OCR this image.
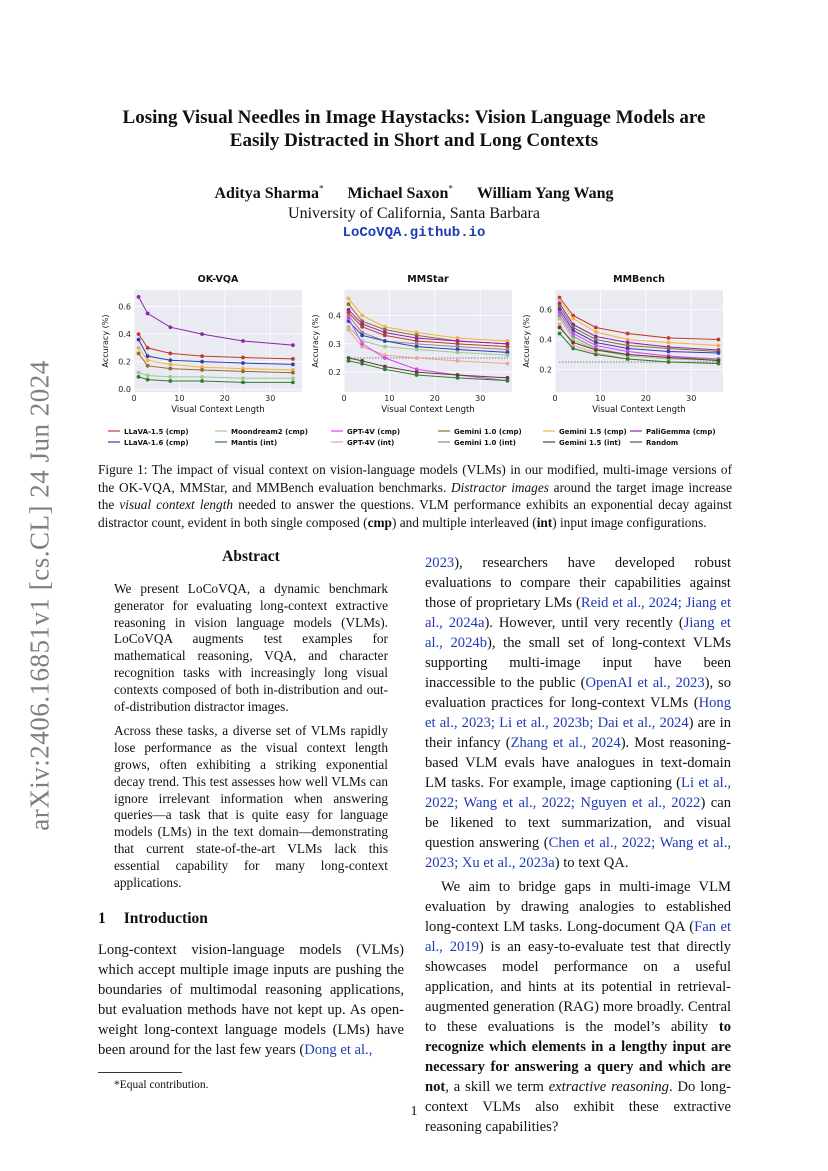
arXiv:2406.16851v1 [cs.CL] 24 Jun 2024
Losing Visual Needles in Image Haystacks: Vision Language Models are
Easily Distracted in Short and Long Contexts
Aditya Sharma* Michael Saxon* William Yang Wang
University of California, Santa Barbara
LoCoVQA.github.io
0	10	20	30
0.0
0.2
0.4
0.6
OK-VQA
Visual Context Length
Accuracy (%)
0	10	20	30
0.2
0.3
0.4
MMStar
Visual Context Length
Accuracy (%)
0	10	20	30
0.2
0.4
0.6
MMBench
Visual Context Length
Accuracy (%)
LLaVA-1.5 (cmp)
LLaVA-1.6 (cmp)
Moondream2 (cmp)
Mantis (int)
GPT-4V (cmp)
GPT-4V (int)
Gemini 1.0 (cmp)
Gemini 1.0 (int)
Gemini 1.5 (cmp)
Gemini 1.5 (int)
PaliGemma (cmp)
Random
Figure 1: The impact of visual context on vision-language models (VLMs) in our modified, multi-image versions of the OK-VQA, MMStar, and MMBench evaluation benchmarks. Distractor images around the target image increase the visual context length needed to answer the questions. VLM performance exhibits an exponential decay against distractor count, evident in both single composed (cmp) and multiple interleaved (int) input image configurations.
Abstract

We present LoCoVQA, a dynamic benchmark generator for evaluating long-context extractive reasoning in vision language models (VLMs). LoCoVQA augments test examples for mathematical reasoning, VQA, and character recognition tasks with increasingly long visual contexts composed of both in-distribution and out-of-distribution distractor images.

Across these tasks, a diverse set of VLMs rapidly lose performance as the visual context length grows, often exhibiting a striking exponential decay trend. This test assesses how well VLMs can ignore irrelevant information when answering queries—a task that is quite easy for language models (LMs) in the text domain—demonstrating that current state-of-the-art VLMs lack this essential capability for many long-context applications.

1 Introduction

Long-context vision-language models (VLMs) which accept multiple image inputs are pushing the boundaries of multimodal reasoning applications, but evaluation methods have not kept up. As open-weight long-context language models (LMs) have been around for the last few years (Dong et al.,

*Equal contribution.

2023), researchers have developed robust evaluations to compare their capabilities against those of proprietary LMs (Reid et al., 2024; Jiang et al., 2024a). However, until very recently (Jiang et al., 2024b), the small set of long-context VLMs supporting multi-image input have been inaccessible to the public (OpenAI et al., 2023), so evaluation practices for long-context VLMs (Hong et al., 2023; Li et al., 2023b; Dai et al., 2024) are in their infancy (Zhang et al., 2024). Most reasoning-based VLM evals have analogues in text-domain LM tasks. For example, image captioning (Li et al., 2022; Wang et al., 2022; Nguyen et al., 2022) can be likened to text summarization, and visual question answering (Chen et al., 2022; Wang et al., 2023; Xu et al., 2023a) to text QA.

We aim to bridge gaps in multi-image VLM evaluation by drawing analogies to established long-context LM tasks. Long-document QA (Fan et al., 2019) is an easy-to-evaluate test that directly showcases model performance on a useful application, and hints at its potential in retrieval-augmented generation (RAG) more broadly. Central to these evaluations is the model’s ability to recognize which elements in a lengthy input are necessary for answering a query and which are not, a skill we term extractive reasoning. Do long-context VLMs also exhibit these extractive reasoning capabilities?

1
